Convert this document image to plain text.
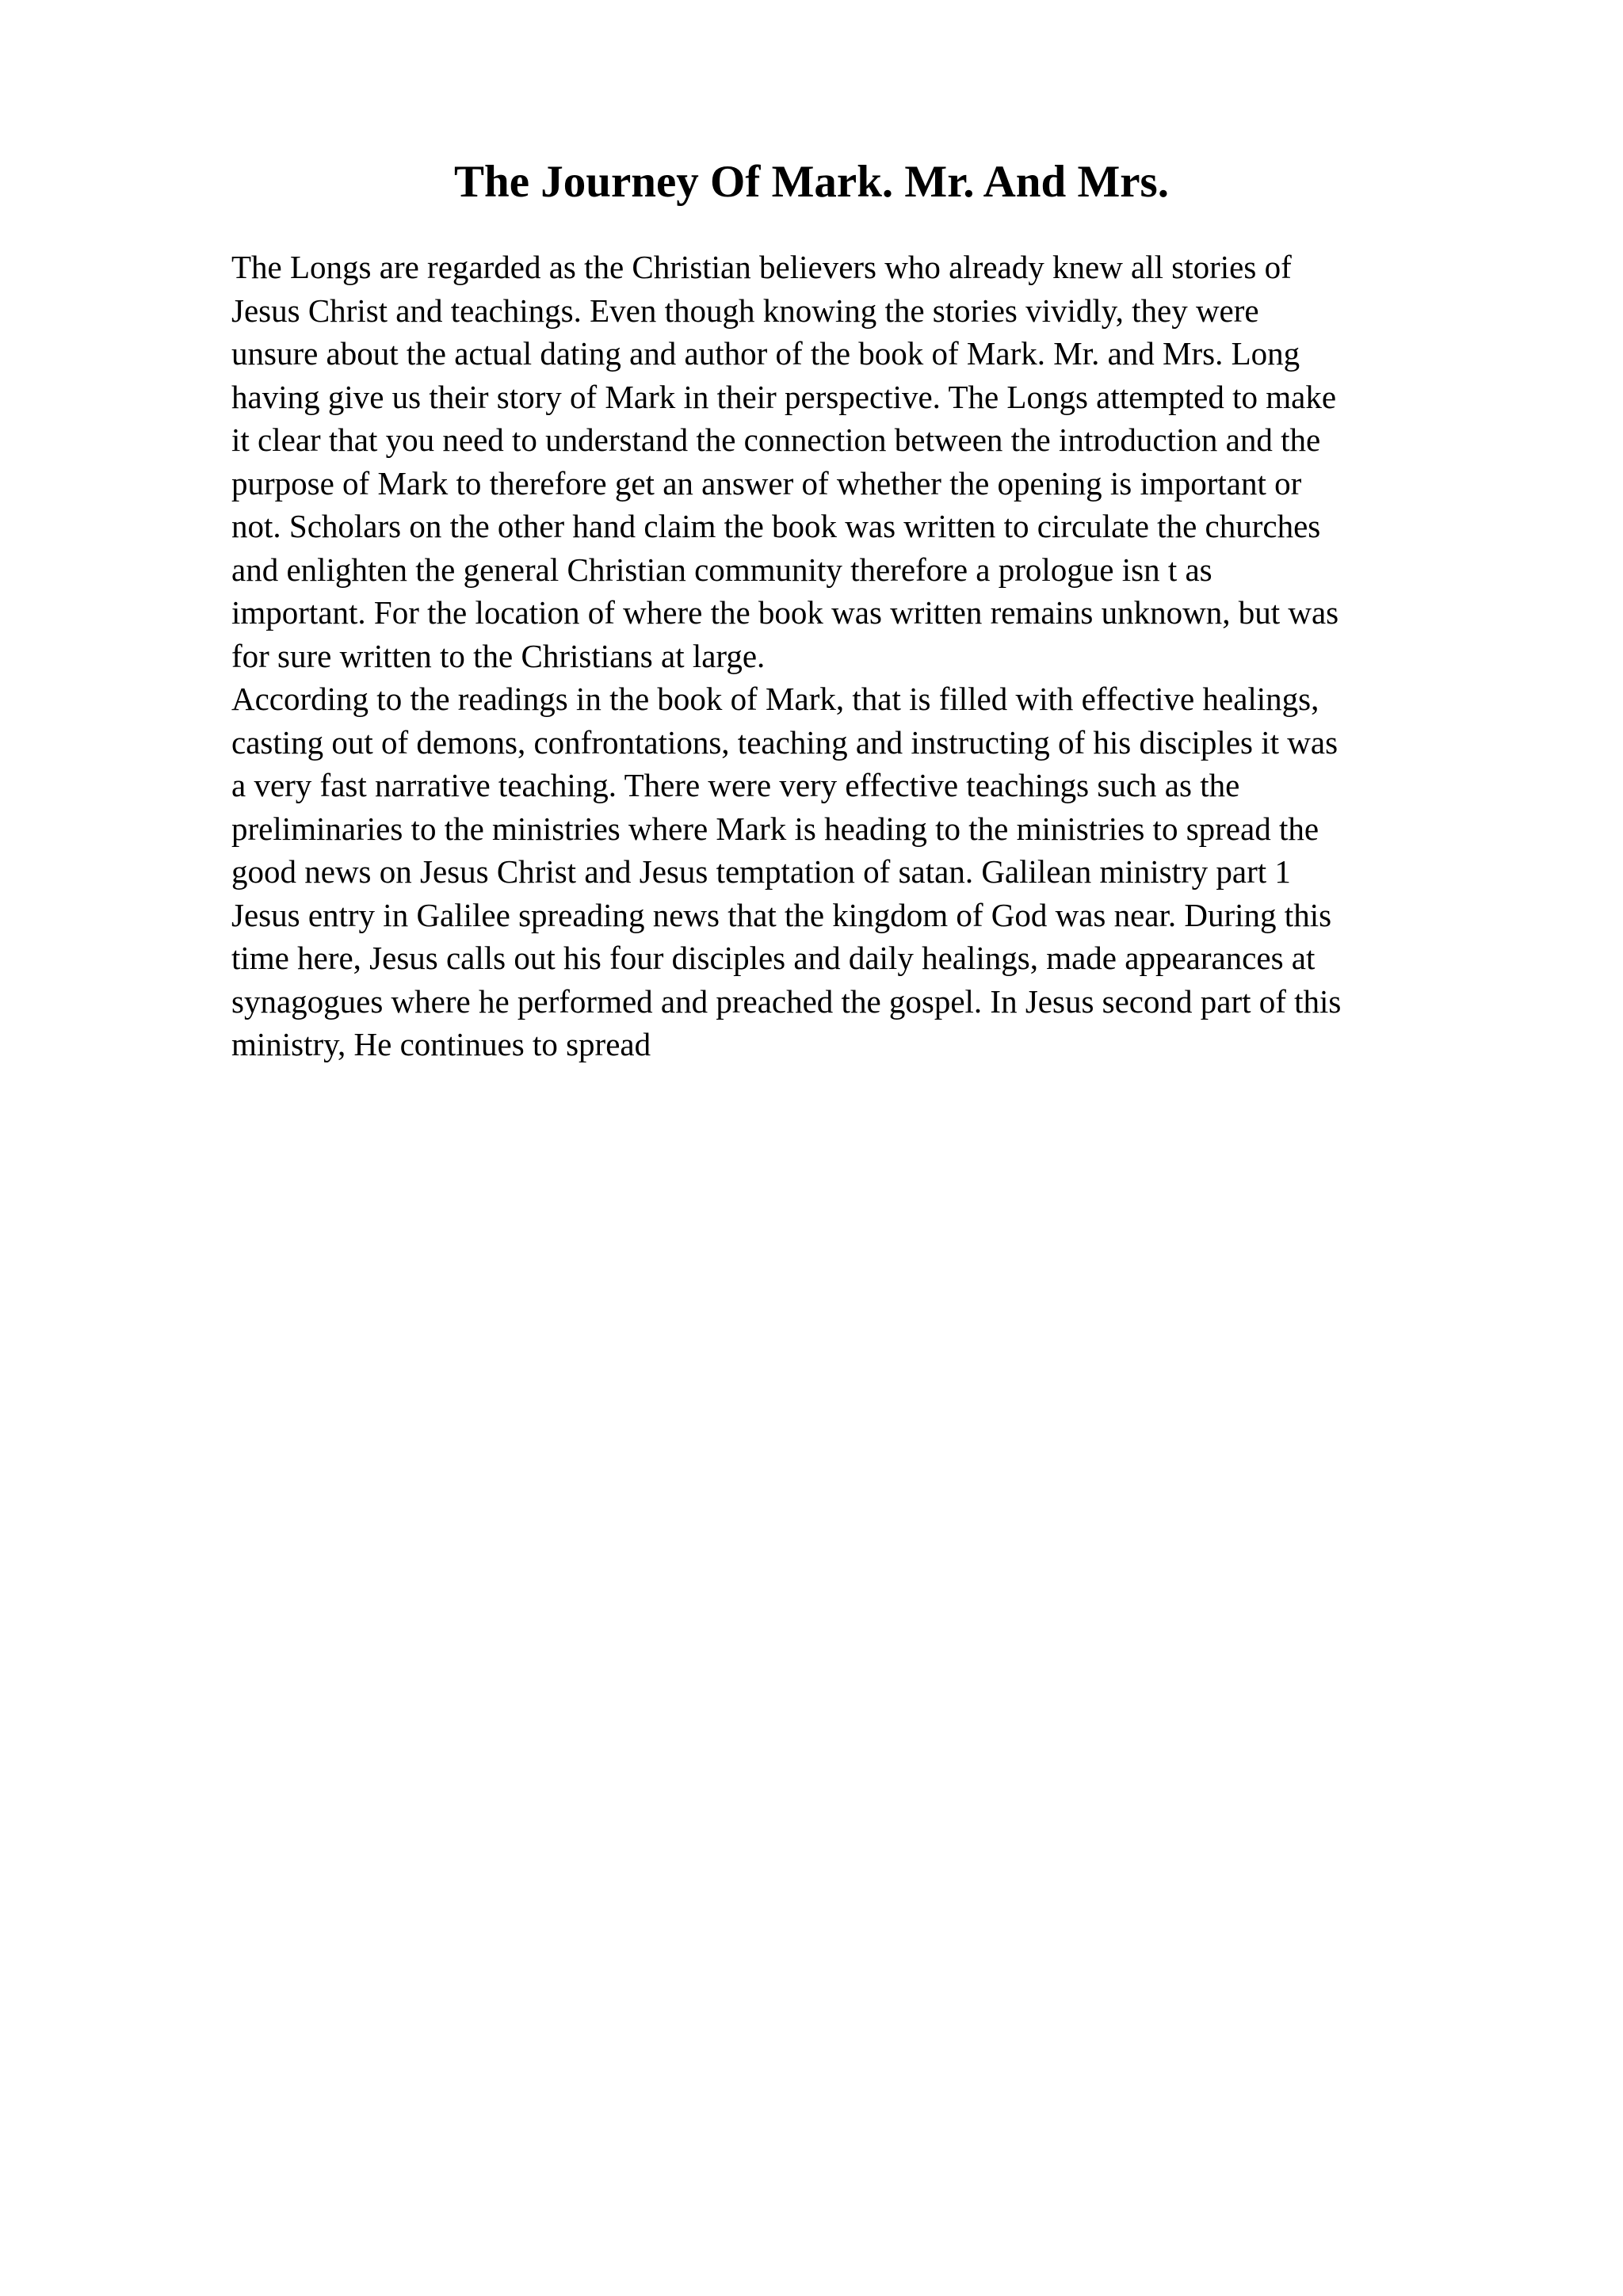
The Journey Of Mark. Mr. And Mrs.
The Longs are regarded as the Christian believers who already knew all stories of
Jesus Christ and teachings. Even though knowing the stories vividly, they were
unsure about the actual dating and author of the book of Mark. Mr. and Mrs. Long
having give us their story of Mark in their perspective. The Longs attempted to make
it clear that you need to understand the connection between the introduction and the
purpose of Mark to therefore get an answer of whether the opening is important or
not. Scholars on the other hand claim the book was written to circulate the churches
and enlighten the general Christian community therefore a prologue isn t as
important. For the location of where the book was written remains unknown, but was
for sure written to the Christians at large.
According to the readings in the book of Mark, that is filled with effective healings,
casting out of demons, confrontations, teaching and instructing of his disciples it was
a very fast narrative teaching. There were very effective teachings such as the
preliminaries to the ministries where Mark is heading to the ministries to spread the
good news on Jesus Christ and Jesus temptation of satan. Galilean ministry part 1
Jesus entry in Galilee spreading news that the kingdom of God was near. During this
time here, Jesus calls out his four disciples and daily healings, made appearances at
synagogues where he performed and preached the gospel. In Jesus second part of this
ministry, He continues to spread
